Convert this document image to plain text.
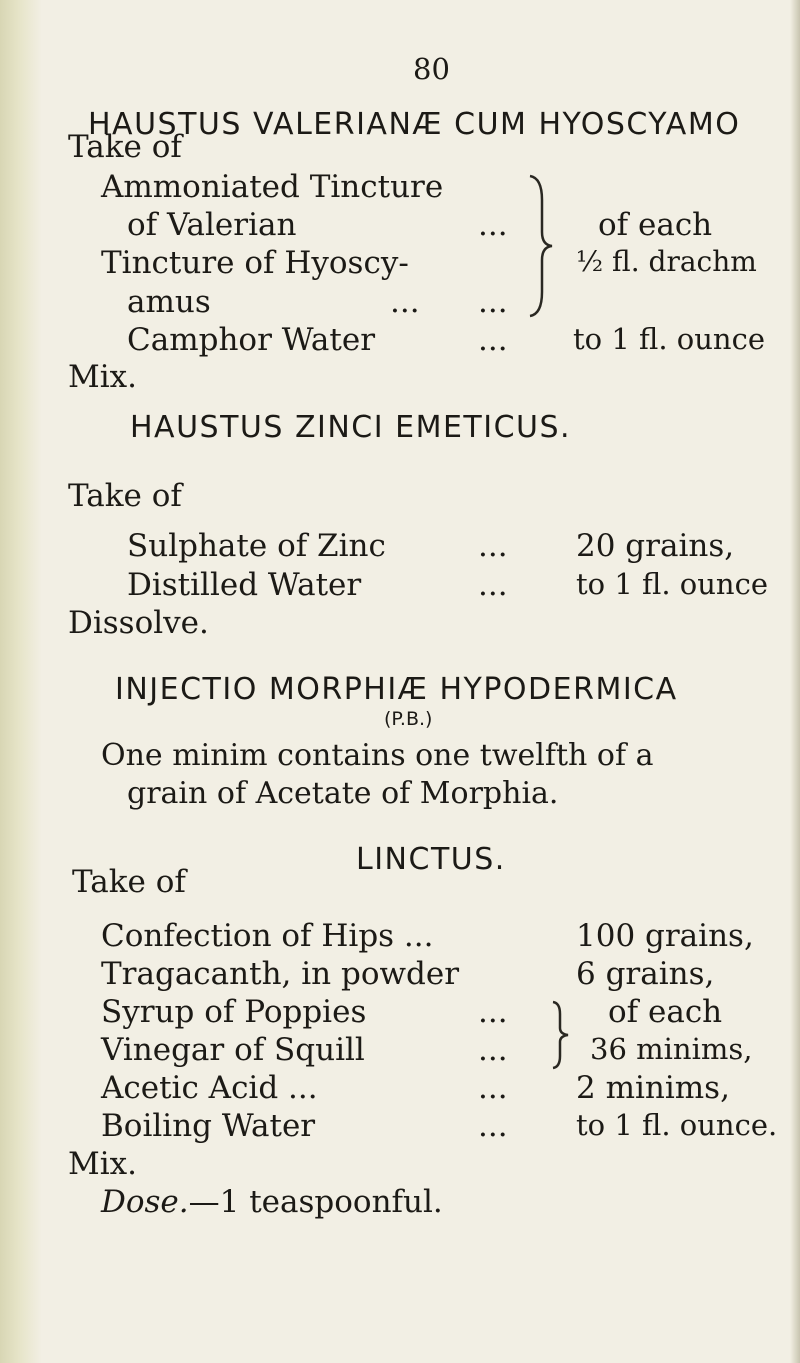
80
HAUSTUS VALERIANÆ CUM HYOSCYAMO
Take of
Ammoniated Tincture
of Valerian	...
Tincture of Hyoscy-
amus	... ...
of each
½ fl. drachm
Camphor Water	... to 1 fl. ounce
Mix.
HAUSTUS ZINCI EMETICUS.
Take of
Sulphate of Zinc	... 20 grains,
Distilled Water	... to 1 fl. ounce
Dissolve.
INJECTIO MORPHIÆ HYPODERMICA
(P.B.)
One minim contains one twelfth of a
grain of Acetate of Morphia.
LINCTUS.
Take of
Confection of Hips ...	100 grains,
Tragacanth, in powder	6 grains,
Syrup of Poppies	...
Vinegar of Squill	...
of each
36 minims,
Acetic Acid ...	... 2 minims,
Boiling Water	... to 1 fl. ounce.
Mix.
Dose.—1 teaspoonful.
